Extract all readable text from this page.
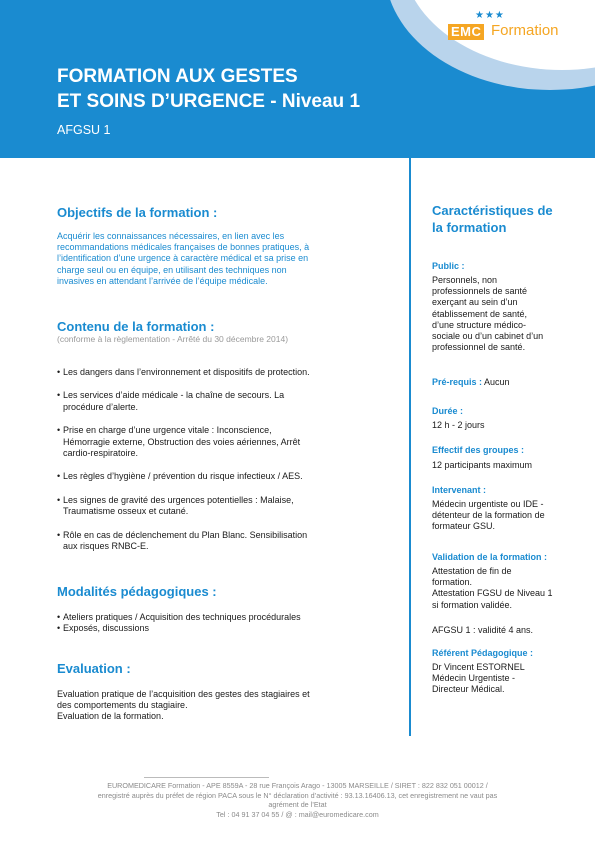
★★★
EMC Formation
FORMATION AUX GESTES
ET SOINS D’URGENCE - Niveau 1
AFGSU 1
Objectifs de la formation :
Acquérir les connaissances nécessaires, en lien avec les
recommandations médicales françaises de bonnes pratiques, à
l’identification d’une urgence à caractère médical et sa prise en
charge seul ou en équipe, en utilisant des techniques non
invasives en attendant l’arrivée de l’équipe médicale.
Contenu de la formation :
(conforme à la règlementation - Arrêté du 30 décembre 2014)
• Les dangers dans l’environnement et dispositifs de protection.
• Les services d’aide médicale - la chaîne de secours. La
procédure d’alerte.
• Prise en charge d’une urgence vitale : Inconscience,
Hémorragie externe, Obstruction des voies aériennes, Arrêt
cardio-respiratoire.
• Les règles d’hygiène / prévention du risque infectieux / AES.
• Les signes de gravité des urgences potentielles : Malaise,
Traumatisme osseux et cutané.
• Rôle en cas de déclenchement du Plan Blanc. Sensibilisation
aux risques RNBC-E.
Modalités pédagogiques :
• Ateliers pratiques / Acquisition des techniques procédurales
• Exposés, discussions
Evaluation :
Evaluation pratique de l’acquisition des gestes des stagiaires et
des comportements du stagiaire.
Evaluation de la formation.
Caractéristiques de
la formation
Public :
Personnels, non
professionnels de santé
exerçant au sein d’un
établissement de santé,
d’une structure médico-
sociale ou d’un cabinet d’un
professionnel de santé.
Pré-requis : Aucun
Durée :
12 h - 2 jours
Effectif des groupes :
12 participants maximum
Intervenant :
Médecin urgentiste ou IDE -
détenteur de la formation de
formateur GSU.
Validation de la formation :
Attestation de fin de
formation.
Attestation FGSU de Niveau 1
si formation validée.
AFGSU 1 : validité 4 ans.
Référent Pédagogique :
Dr Vincent ESTORNEL
Médecin Urgentiste -
Directeur Médical.
EUROMEDICARE Formation - APE 8559A - 28 rue François Arago - 13005 MARSEILLE / SIRET : 822 832 051 00012 /
enregistré auprès du préfet de région PACA sous le N° déclaration d’activité : 93.13.16406.13, cet enregistrement ne vaut pas
agrément de l’Etat
Tel : 04 91 37 04 55 / @ : mail@euromedicare.com
